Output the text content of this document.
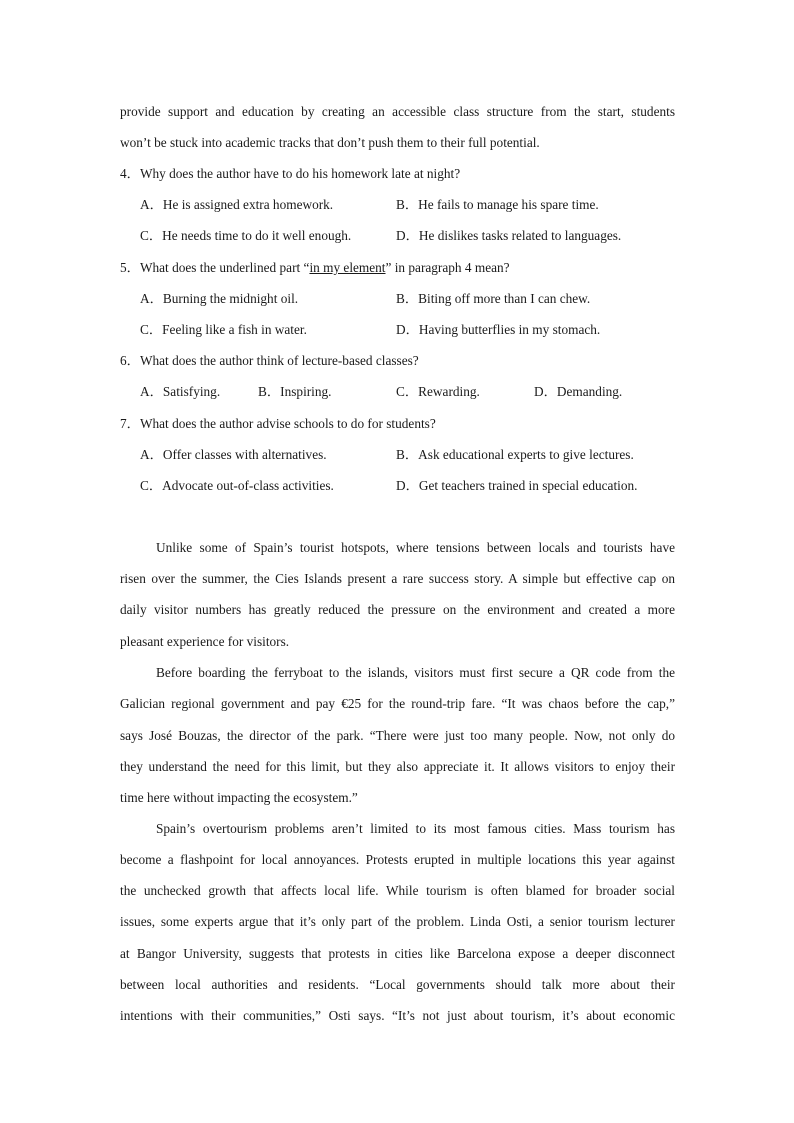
provide support and education by creating an accessible class structure from the start, students
won’t be stuck into academic tracks that don’t push them to their full potential.
4．Why does the author have to do his homework late at night?
A．He is assigned extra homework.	B．He fails to manage his spare time.
C．He needs time to do it well enough.	D．He dislikes tasks related to languages.
5．What does the underlined part “in my element” in paragraph 4 mean?
A．Burning the midnight oil.	B．Biting off more than I can chew.
C．Feeling like a fish in water.	D．Having butterflies in my stomach.
6．What does the author think of lecture-based classes?
A．Satisfying.	B．Inspiring.	C．Rewarding.	D．Demanding.
7．What does the author advise schools to do for students?
A．Offer classes with alternatives.	B．Ask educational experts to give lectures.
C．Advocate out-of-class activities.	D．Get teachers trained in special education.
Unlike some of Spain’s tourist hotspots, where tensions between locals and tourists have
risen over the summer, the Cies Islands present a rare success story. A simple but effective cap on
daily visitor numbers has greatly reduced the pressure on the environment and created a more
pleasant experience for visitors.
Before boarding the ferryboat to the islands, visitors must first secure a QR code from the
Galician regional government and pay €25 for the round-trip fare. “It was chaos before the cap,”
says José Bouzas, the director of the park. “There were just too many people. Now, not only do
they understand the need for this limit, but they also appreciate it. It allows visitors to enjoy their
time here without impacting the ecosystem.”
Spain’s overtourism problems aren’t limited to its most famous cities. Mass tourism has
become a flashpoint for local annoyances. Protests erupted in multiple locations this year against
the unchecked growth that affects local life. While tourism is often blamed for broader social
issues, some experts argue that it’s only part of the problem. Linda Osti, a senior tourism lecturer
at Bangor University, suggests that protests in cities like Barcelona expose a deeper disconnect
between local authorities and residents. “Local governments should talk more about their
intentions with their communities,” Osti says. “It’s not just about tourism, it’s about economic
